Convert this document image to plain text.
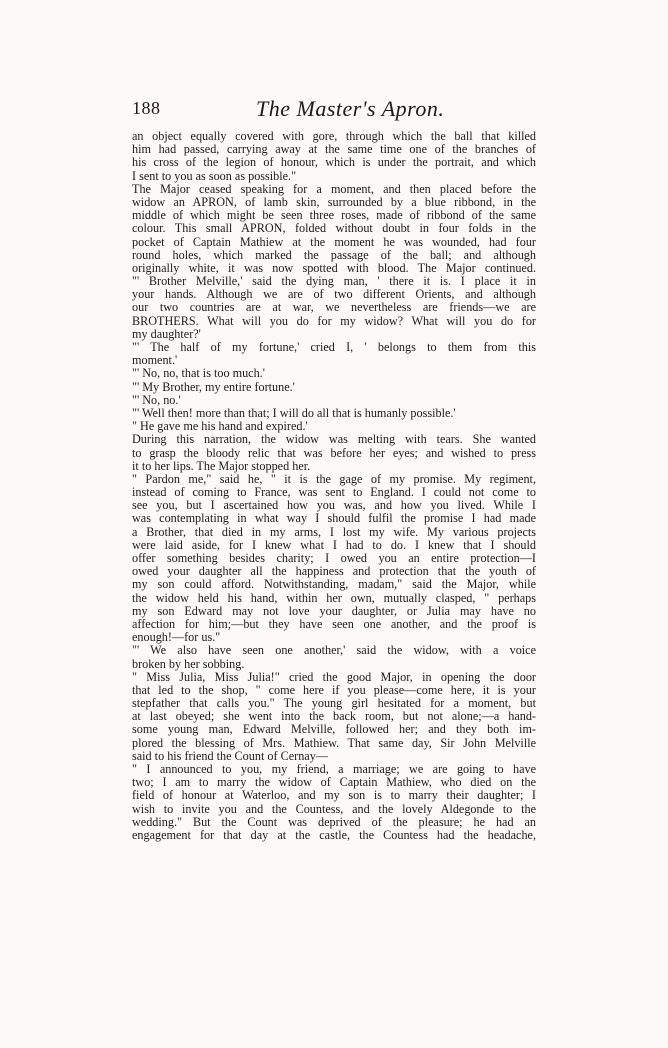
188	The Master's Apron.
an object equally covered with gore, through which the ball that killed
him had passed, carrying away at the same time one of the branches of
his cross of the legion of honour, which is under the portrait, and which
I sent to you as soon as possible."
The Major ceased speaking for a moment, and then placed before the
widow an APRON, of lamb skin, surrounded by a blue ribbond, in the
middle of which might be seen three roses, made of ribbond of the same
colour. This small APRON, folded without doubt in four folds in the
pocket of Captain Mathiew at the moment he was wounded, had four
round holes, which marked the passage of the ball; and although
originally white, it was now spotted with blood. The Major continued.
"' Brother Melville,' said the dying man, ' there it is. I place it in
your hands. Although we are of two different Orients, and although
our two countries are at war, we nevertheless are friends—we are
BROTHERS. What will you do for my widow? What will you do for
my daughter?'
"' The half of my fortune,' cried I, ' belongs to them from this
moment.'
"' No, no, that is too much.'
"' My Brother, my entire fortune.'
"' No, no.'
"' Well then! more than that; I will do all that is humanly possible.'
" He gave me his hand and expired.'
During this narration, the widow was melting with tears. She wanted
to grasp the bloody relic that was before her eyes; and wished to press
it to her lips. The Major stopped her.
" Pardon me," said he, " it is the gage of my promise. My regiment,
instead of coming to France, was sent to England. I could not come to
see you, but I ascertained how you was, and how you lived. While I
was contemplating in what way I should fulfil the promise I had made
a Brother, that died in my arms, I lost my wife. My various projects
were laid aside, for I knew what I had to do. I knew that I should
offer something besides charity; I owed you an entire protection—I
owed your daughter all the happiness and protection that the youth of
my son could afford. Notwithstanding, madam," said the Major, while
the widow held his hand, within her own, mutually clasped, " perhaps
my son Edward may not love your daughter, or Julia may have no
affection for him;—but they have seen one another, and the proof is
enough!—for us."
"' We also have seen one another,' said the widow, with a voice
broken by her sobbing.
" Miss Julia, Miss Julia!" cried the good Major, in opening the door
that led to the shop, " come here if you please—come here, it is your
stepfather that calls you." The young girl hesitated for a moment, but
at last obeyed; she went into the back room, but not alone;—a hand-
some young man, Edward Melville, followed her; and they both im-
plored the blessing of Mrs. Mathiew. That same day, Sir John Melville
said to his friend the Count of Cernay—
" I announced to you, my friend, a marriage; we are going to have
two; I am to marry the widow of Captain Mathiew, who died on the
field of honour at Waterloo, and my son is to marry their daughter; I
wish to invite you and the Countess, and the lovely Aldegonde to the
wedding." But the Count was deprived of the pleasure; he had an
engagement for that day at the castle, the Countess had the headache,
